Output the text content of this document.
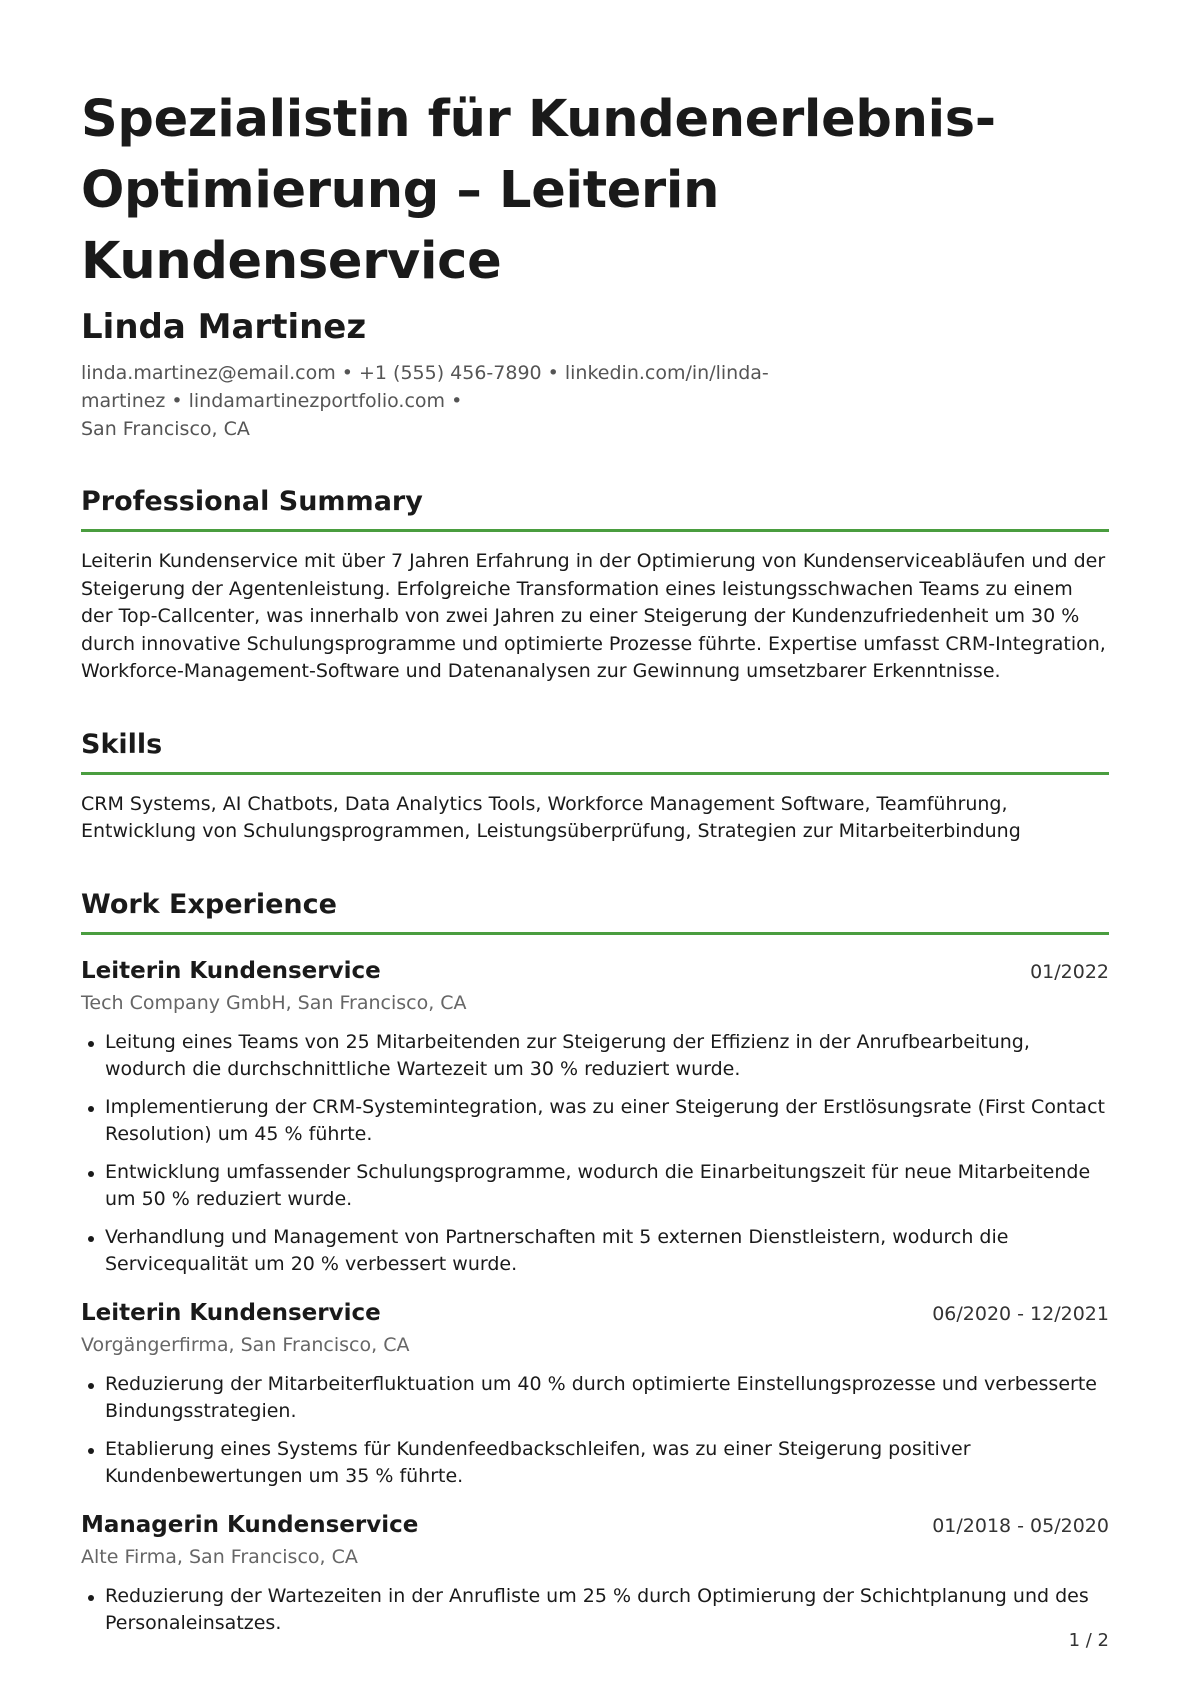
Spezialistin für Kundenerlebnis-Optimierung – Leiterin Kundenservice
Linda Martinez
linda.martinez@email.com • +1 (555) 456-7890 • linkedin.com/in/linda-martinez • lindamartinezportfolio.com •
San Francisco, CA
Professional Summary

Leiterin Kundenservice mit über 7 Jahren Erfahrung in der Optimierung von Kundenserviceabläufen und der Steigerung der Agentenleistung. Erfolgreiche Transformation eines leistungsschwachen Teams zu einem der Top-Callcenter, was innerhalb von zwei Jahren zu einer Steigerung der Kundenzufriedenheit um 30 % durch innovative Schulungsprogramme und optimierte Prozesse führte. Expertise umfasst CRM-Integration, Workforce-Management-Software und Datenanalysen zur Gewinnung umsetzbarer Erkenntnisse.

Skills

CRM Systems, AI Chatbots, Data Analytics Tools, Workforce Management Software, Teamführung, Entwicklung von Schulungsprogrammen, Leistungsüberprüfung, Strategien zur Mitarbeiterbindung

Work Experience
Leiterin Kundenservice	01/2022
Tech Company GmbH, San Francisco, CA
Leitung eines Teams von 25 Mitarbeitenden zur Steigerung der Effizienz in der Anrufbearbeitung, wodurch die durchschnittliche Wartezeit um 30 % reduziert wurde.
Implementierung der CRM-Systemintegration, was zu einer Steigerung der Erstlösungsrate (First Contact Resolution) um 45 % führte.
Entwicklung umfassender Schulungsprogramme, wodurch die Einarbeitungszeit für neue Mitarbeitende um 50 % reduziert wurde.
Verhandlung und Management von Partnerschaften mit 5 externen Dienstleistern, wodurch die Servicequalität um 20 % verbessert wurde.
Leiterin Kundenservice	06/2020 - 12/2021
Vorgängerfirma, San Francisco, CA
Reduzierung der Mitarbeiterfluktuation um 40 % durch optimierte Einstellungsprozesse und verbesserte Bindungsstrategien.
Etablierung eines Systems für Kundenfeedbackschleifen, was zu einer Steigerung positiver Kundenbewertungen um 35 % führte.
Managerin Kundenservice	01/2018 - 05/2020
Alte Firma, San Francisco, CA
Reduzierung der Wartezeiten in der Anrufliste um 25 % durch Optimierung der Schichtplanung und des Personaleinsatzes.
1 / 2
